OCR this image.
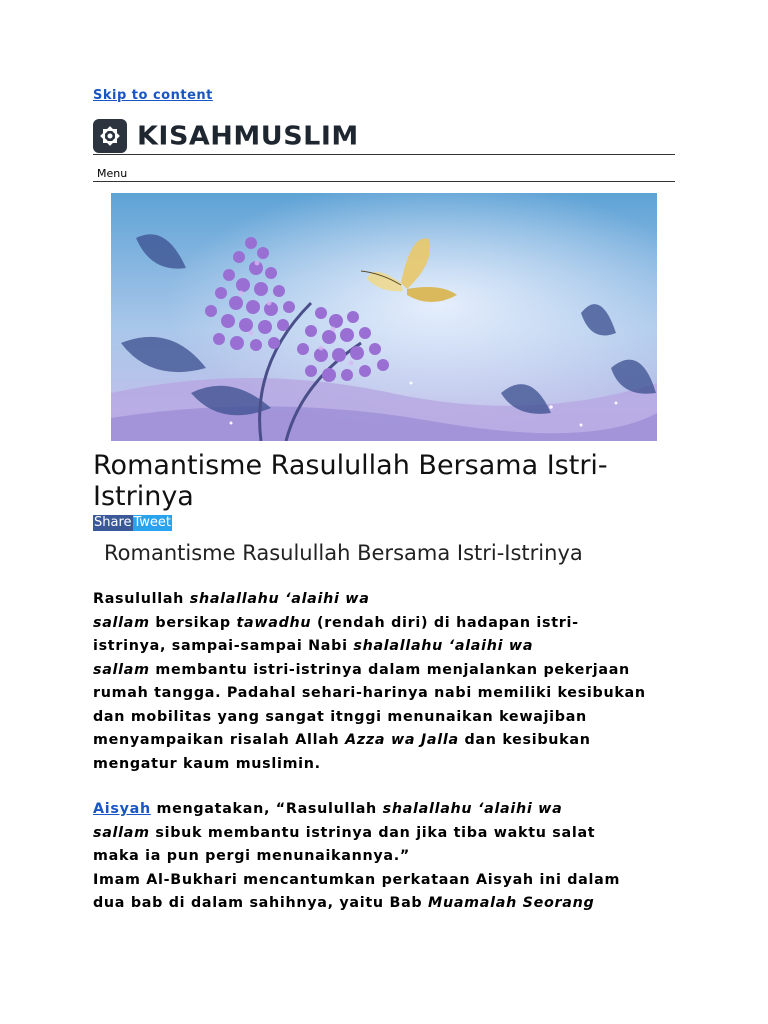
Skip to content
KISAHMUSLIM
Menu
Romantisme Rasulullah Bersama Istri-Istrinya
Share Tweet
Romantisme Rasulullah Bersama Istri-Istrinya
Rasulullah shalallahu ‘alaihi wa
sallam bersikap tawadhu (rendah diri) di hadapan istri-
istrinya, sampai-sampai Nabi shalallahu ‘alaihi wa
sallam membantu istri-istrinya dalam menjalankan pekerjaan
rumah tangga. Padahal sehari-harinya nabi memiliki kesibukan
dan mobilitas yang sangat itnggi menunaikan kewajiban
menyampaikan risalah Allah Azza wa Jalla dan kesibukan
mengatur kaum muslimin.
Aisyah mengatakan, “Rasulullah shalallahu ‘alaihi wa
sallam sibuk membantu istrinya dan jika tiba waktu salat
maka ia pun pergi menunaikannya.”
Imam Al-Bukhari mencantumkan perkataan Aisyah ini dalam
dua bab di dalam sahihnya, yaitu Bab Muamalah Seorang
